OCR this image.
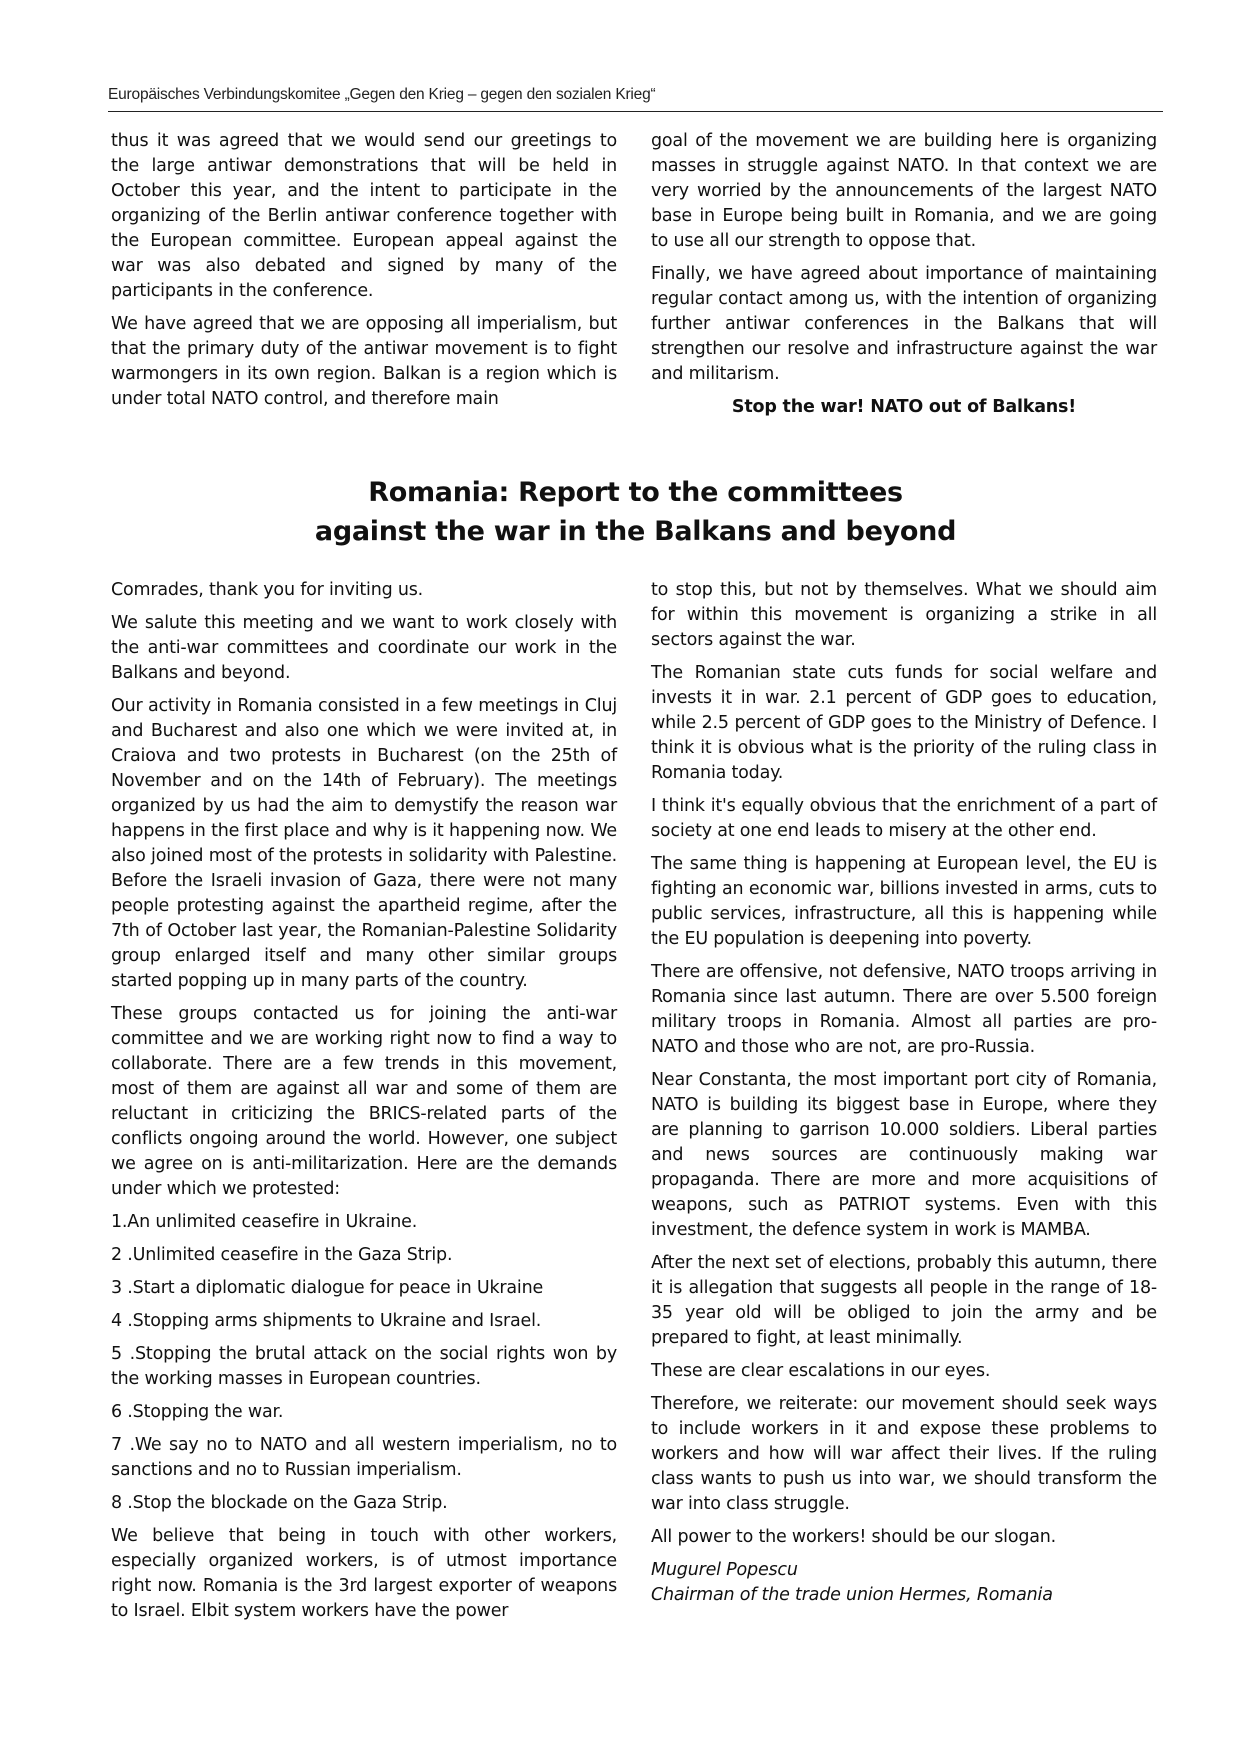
Europäisches Verbindungskomitee „Gegen den Krieg – gegen den sozialen Krieg“

thus it was agreed that we would send our greetings to the large antiwar demonstrations that will be held in October this year, and the intent to participate in the organizing of the Berlin antiwar conference together with the European committee. European appeal against the war was also debated and signed by many of the participants in the conference.

We have agreed that we are opposing all imperialism, but that the primary duty of the antiwar movement is to fight warmongers in its own region. Balkan is a region which is under total NATO control, and therefore main

goal of the movement we are building here is organizing masses in struggle against NATO. In that context we are very worried by the announcements of the largest NATO base in Europe being built in Romania, and we are going to use all our strength to oppose that.

Finally, we have agreed about importance of maintaining regular contact among us, with the intention of organizing further antiwar conferences in the Balkans that will strengthen our resolve and infrastructure against the war and militarism.

Stop the war! NATO out of Balkans!

Romania: Report to the committees
against the war in the Balkans and beyond

Comrades, thank you for inviting us.

We salute this meeting and we want to work closely with the anti-war committees and coordinate our work in the Balkans and beyond.

Our activity in Romania consisted in a few meetings in Cluj and Bucharest and also one which we were invited at, in Craiova and two protests in Bucharest (on the 25th of November and on the 14th of February). The meetings organized by us had the aim to demystify the reason war happens in the first place and why is it happening now. We also joined most of the protests in solidarity with Palestine. Before the Israeli invasion of Gaza, there were not many people protesting against the apartheid regime, after the 7th of October last year, the Romanian-Palestine Solidarity group enlarged itself and many other similar groups started popping up in many parts of the country.

These groups contacted us for joining the anti-war committee and we are working right now to find a way to collaborate. There are a few trends in this movement, most of them are against all war and some of them are reluctant in criticizing the BRICS-related parts of the conflicts ongoing around the world. However, one subject we agree on is anti-militarization. Here are the demands under which we protested:

1.An unlimited ceasefire in Ukraine.

2 .Unlimited ceasefire in the Gaza Strip.

3 .Start a diplomatic dialogue for peace in Ukraine

4 .Stopping arms shipments to Ukraine and Israel.

5 .Stopping the brutal attack on the social rights won by the working masses in European countries.

6 .Stopping the war.

7 .We say no to NATO and all western imperialism, no to sanctions and no to Russian imperialism.

8 .Stop the blockade on the Gaza Strip.

We believe that being in touch with other workers, especially organized workers, is of utmost importance right now. Romania is the 3rd largest exporter of weapons to Israel. Elbit system workers have the power

to stop this, but not by themselves. What we should aim for within this movement is organizing a strike in all sectors against the war.

The Romanian state cuts funds for social welfare and invests it in war. 2.1 percent of GDP goes to education, while 2.5 percent of GDP goes to the Ministry of Defence. I think it is obvious what is the priority of the ruling class in Romania today.

I think it's equally obvious that the enrichment of a part of society at one end leads to misery at the other end.

The same thing is happening at European level, the EU is fighting an economic war, billions invested in arms, cuts to public services, infrastructure, all this is happening while the EU population is deepening into poverty.

There are offensive, not defensive, NATO troops arriving in Romania since last autumn. There are over 5.500 foreign military troops in Romania. Almost all parties are pro-NATO and those who are not, are pro-Russia.

Near Constanta, the most important port city of Romania, NATO is building its biggest base in Europe, where they are planning to garrison 10.000 soldiers. Liberal parties and news sources are continuously making war propaganda. There are more and more acquisitions of weapons, such as PATRIOT systems. Even with this investment, the defence system in work is MAMBA.

After the next set of elections, probably this autumn, there it is allegation that suggests all people in the range of 18-35 year old will be obliged to join the army and be prepared to fight, at least minimally.

These are clear escalations in our eyes.

Therefore, we reiterate: our movement should seek ways to include workers in it and expose these problems to workers and how will war affect their lives. If the ruling class wants to push us into war, we should transform the war into class struggle.

All power to the workers! should be our slogan.

Mugurel Popescu

Chairman of the trade union Hermes, Romania
